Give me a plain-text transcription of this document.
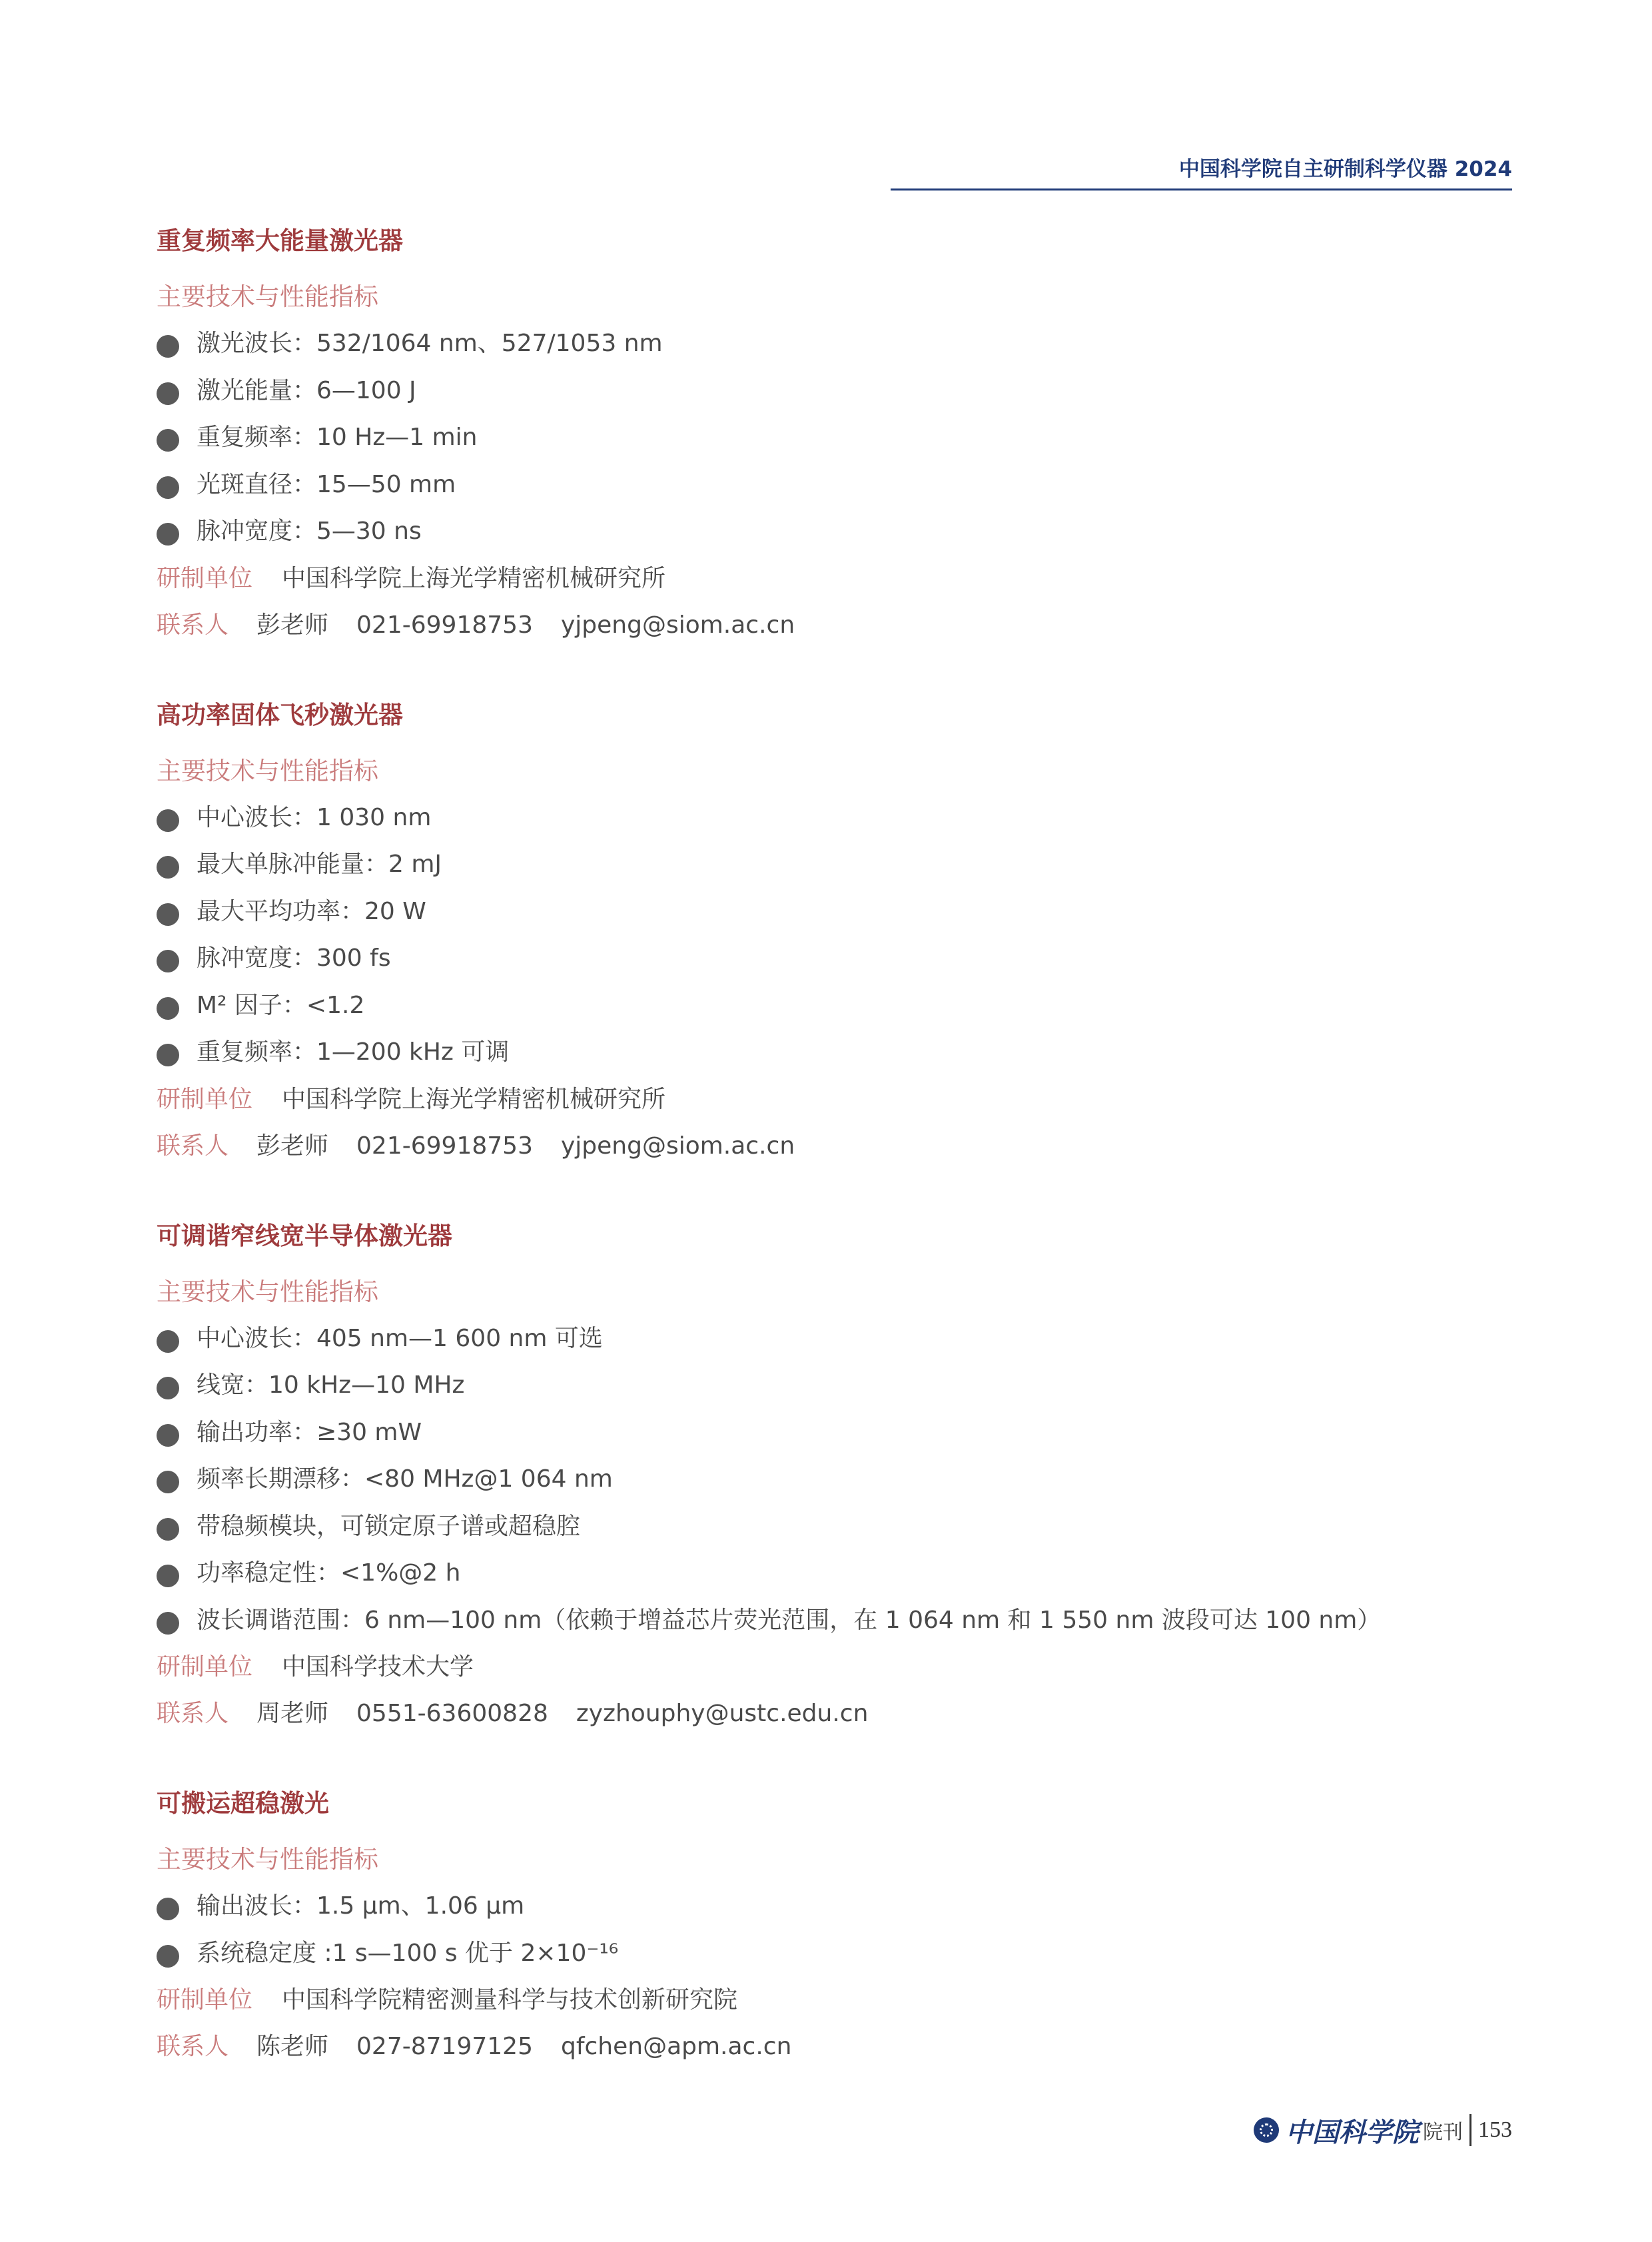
中国科学院自主研制科学仪器 2024
重复频率大能量激光器
主要技术与性能指标
激光波长：532/1064 nm、527/1053 nm
激光能量：6—100 J
重复频率：10 Hz—1 min
光斑直径：15—50 mm
脉冲宽度：5—30 ns
研制单位 中国科学院上海光学精密机械研究所
联系人 彭老师 021-69918753 yjpeng@siom.ac.cn
高功率固体飞秒激光器
主要技术与性能指标
中心波长：1 030 nm
最大单脉冲能量：2 mJ
最大平均功率：20 W
脉冲宽度：300 fs
M² 因子：<1.2
重复频率：1—200 kHz 可调
研制单位 中国科学院上海光学精密机械研究所
联系人 彭老师 021-69918753 yjpeng@siom.ac.cn
可调谐窄线宽半导体激光器
主要技术与性能指标
中心波长：405 nm—1 600 nm 可选
线宽：10 kHz—10 MHz
输出功率：≥30 mW
频率长期漂移：<80 MHz@1 064 nm
带稳频模块，可锁定原子谱或超稳腔
功率稳定性：<1%@2 h
波长调谐范围：6 nm—100 nm（依赖于增益芯片荧光范围，在 1 064 nm 和 1 550 nm 波段可达 100 nm）
研制单位 中国科学技术大学
联系人 周老师 0551-63600828 zyzhouphy@ustc.edu.cn
可搬运超稳激光
主要技术与性能指标
输出波长：1.5 μm、1.06 μm
系统稳定度 :1 s—100 s 优于 2×10⁻¹⁶
研制单位 中国科学院精密测量科学与技术创新研究院
联系人 陈老师 027-87197125 qfchen@apm.ac.cn
中国科学院 院刊 153
